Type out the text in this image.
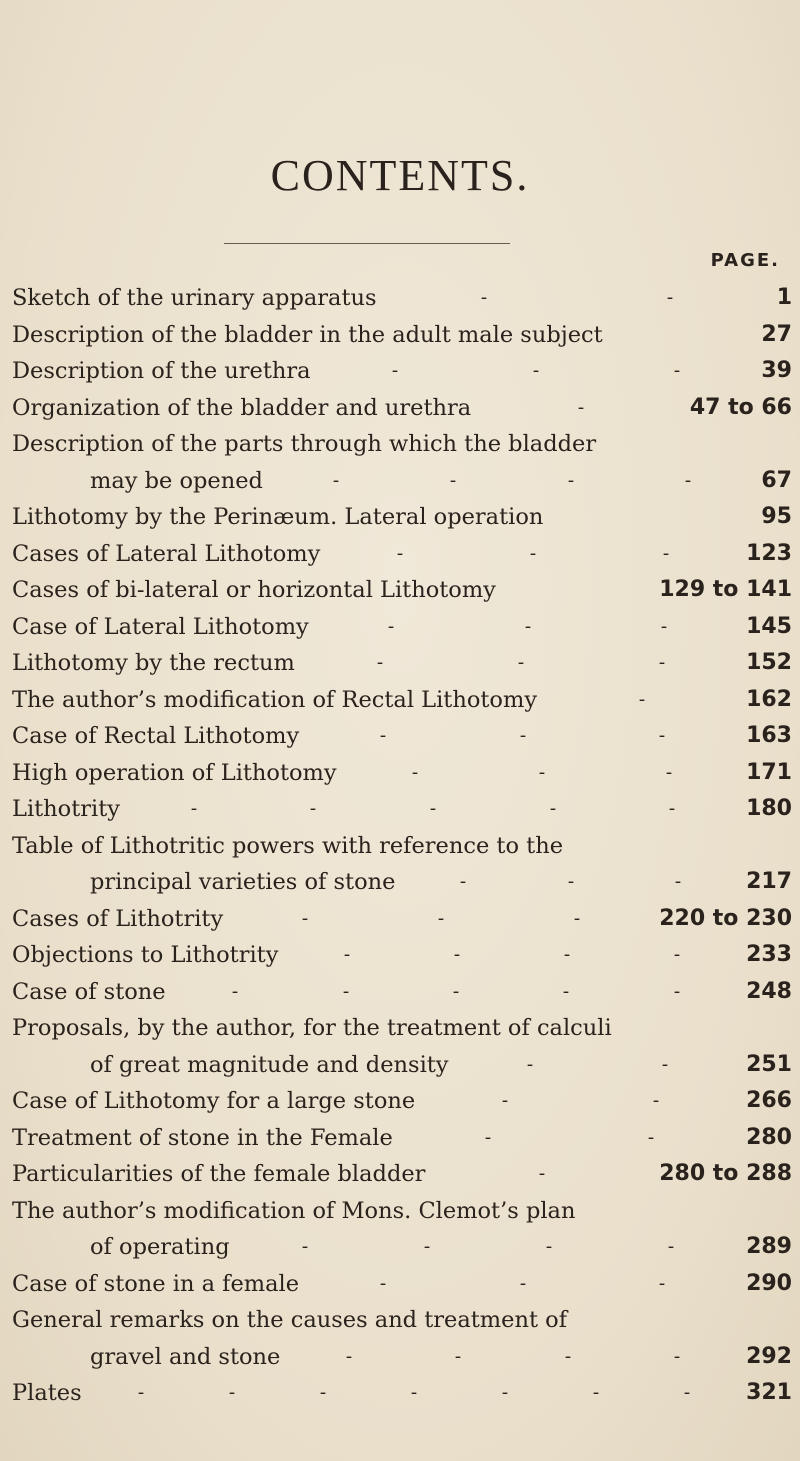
CONTENTS.
PAGE.
Sketch of the urinary apparatus	1
-	-
Description of the bladder in the adult male subject	27
Description of the urethra	39
-	-	-
Organization of the bladder and urethra	47 to 66
-
Description of the parts through which the bladder
may be opened	67
-	-	-	-
Lithotomy by the Perinæum. Lateral operation	95
Cases of Lateral Lithotomy	123
-	-	-
Cases of bi-lateral or horizontal Lithotomy	129 to 141
Case of Lateral Lithotomy	145
-	-	-
Lithotomy by the rectum	152
-	-	-
The author’s modification of Rectal Lithotomy	162
-
Case of Rectal Lithotomy	163
-	-	-
High operation of Lithotomy	171
-	-	-
Lithotrity	180
-	-	-	-	-
Table of Lithotritic powers with reference to the
principal varieties of stone	217
-	-	-
Cases of Lithotrity	220 to 230
-	-	-
Objections to Lithotrity	233
-	-	-	-
Case of stone	248
-	-	-	-	-
Proposals, by the author, for the treatment of calculi
of great magnitude and density	251
-	-
Case of Lithotomy for a large stone	266
-	-
Treatment of stone in the Female	280
-	-
Particularities of the female bladder	280 to 288
-
The author’s modification of Mons. Clemot’s plan
of operating	289
-	-	-	-
Case of stone in a female	290
-	-	-
General remarks on the causes and treatment of
gravel and stone	292
-	-	-	-
Plates	321
-	-	-	-	-	-	-
